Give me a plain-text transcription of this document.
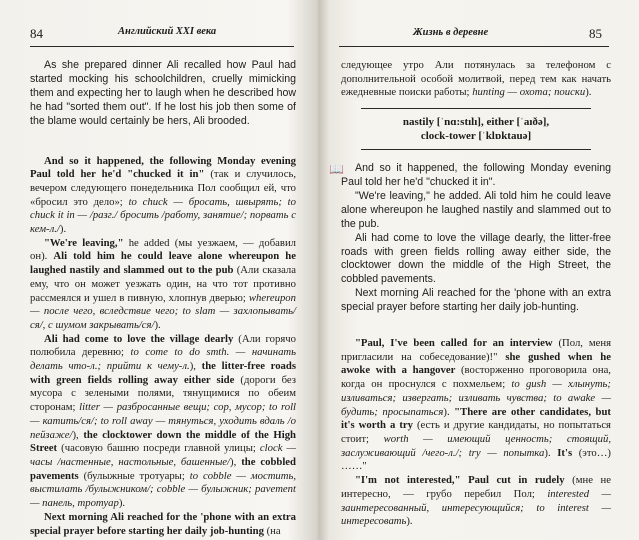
84	Английский XXI века

As she prepared dinner Ali recalled how Paul had started mocking his schoolchildren, cruelly mimicking them and expecting her to laugh when he described how he had "sorted them out". If he lost his job then some of the blame would certainly be hers, Ali brooded.

And so it happened, the following Monday evening Paul told her he'd "chucked it in" (так и случилось, вечером следующего понедельника Пол сообщил ей, что «бросил это дело»; to chuck — бросать, швырять; to chuck it in — /разг./ бросить /работу, занятие/; порвать с кем-л./).

"We're leaving," he added (мы уезжаем, — добавил он). Ali told him he could leave alone whereupon he laughed nastily and slammed out to the pub (Али сказала ему, что он может уезжать один, на что тот противно рассмеялся и ушел в пивную, хлопнув дверью; whereupon — после чего, вследствие чего; to slam — захлопывать/ся/, с шумом закрывать/ся/).

Ali had come to love the village dearly (Али горячо полюбила деревню; to come to do smth. — начинать делать что-л.; прийти к чему-л.), the litter-free roads with green fields rolling away either side (дороги без мусора с зелеными полями, тянущимися по обеим сторонам; litter — разбросанные вещи; сор, мусор; to roll — катить/ся/; to roll away — тянуться, уходить вдаль /о пейзаже/), the clocktower down the middle of the High Street (часовую башню посреди главной улицы; clock — часы /настенные, настольные, башенные/), the cobbled pavements (булыжные тротуары; to cobble — мостить, выстилать /булыжником/; cobble — булыжник; pavement — панель, тротуар).

Next morning Ali reached for the 'phone with an extra special prayer before starting her daily job-hunting (на

Жизнь в деревне	85

следующее утро Али потянулась за телефоном с дополнительной особой молитвой, перед тем как начать ежедневные поиски работы; hunting — охота; поиски).

nastily [ˈnɑ:stılı], either [ˈaıðə],
clock-tower [ˈklɒktauə]
📖	And so it happened, the following Monday evening Paul told her he'd "chucked it in".

"We're leaving," he added. Ali told him he could leave alone whereupon he laughed nastily and slammed out to the pub.

Ali had come to love the village dearly, the litter-free roads with green fields rolling away either side, the clocktower down the middle of the High Street, the cobbled pavements.

Next morning Ali reached for the 'phone with an extra special prayer before starting her daily job-hunting.

"Paul, I've been called for an interview (Пол, меня пригласили на собеседование)!" she gushed when he awoke with a hangover (восторженно проговорила она, когда он проснулся с похмельем; to gush — хлынуть; изливаться; извергать; изливать чувства; to awake — будить; просыпаться). "There are other candidates, but it's worth a try (есть и другие кандидаты, но попытаться стоит; worth — имеющий ценность; стоящий, заслуживающий /чего-л./; try — попытка). It's (это…) ……"

"I'm not interested," Paul cut in rudely (мне не интересно, — грубо перебил Пол; interested — заинтересованный, интересующийся; to interest — интересовать).
